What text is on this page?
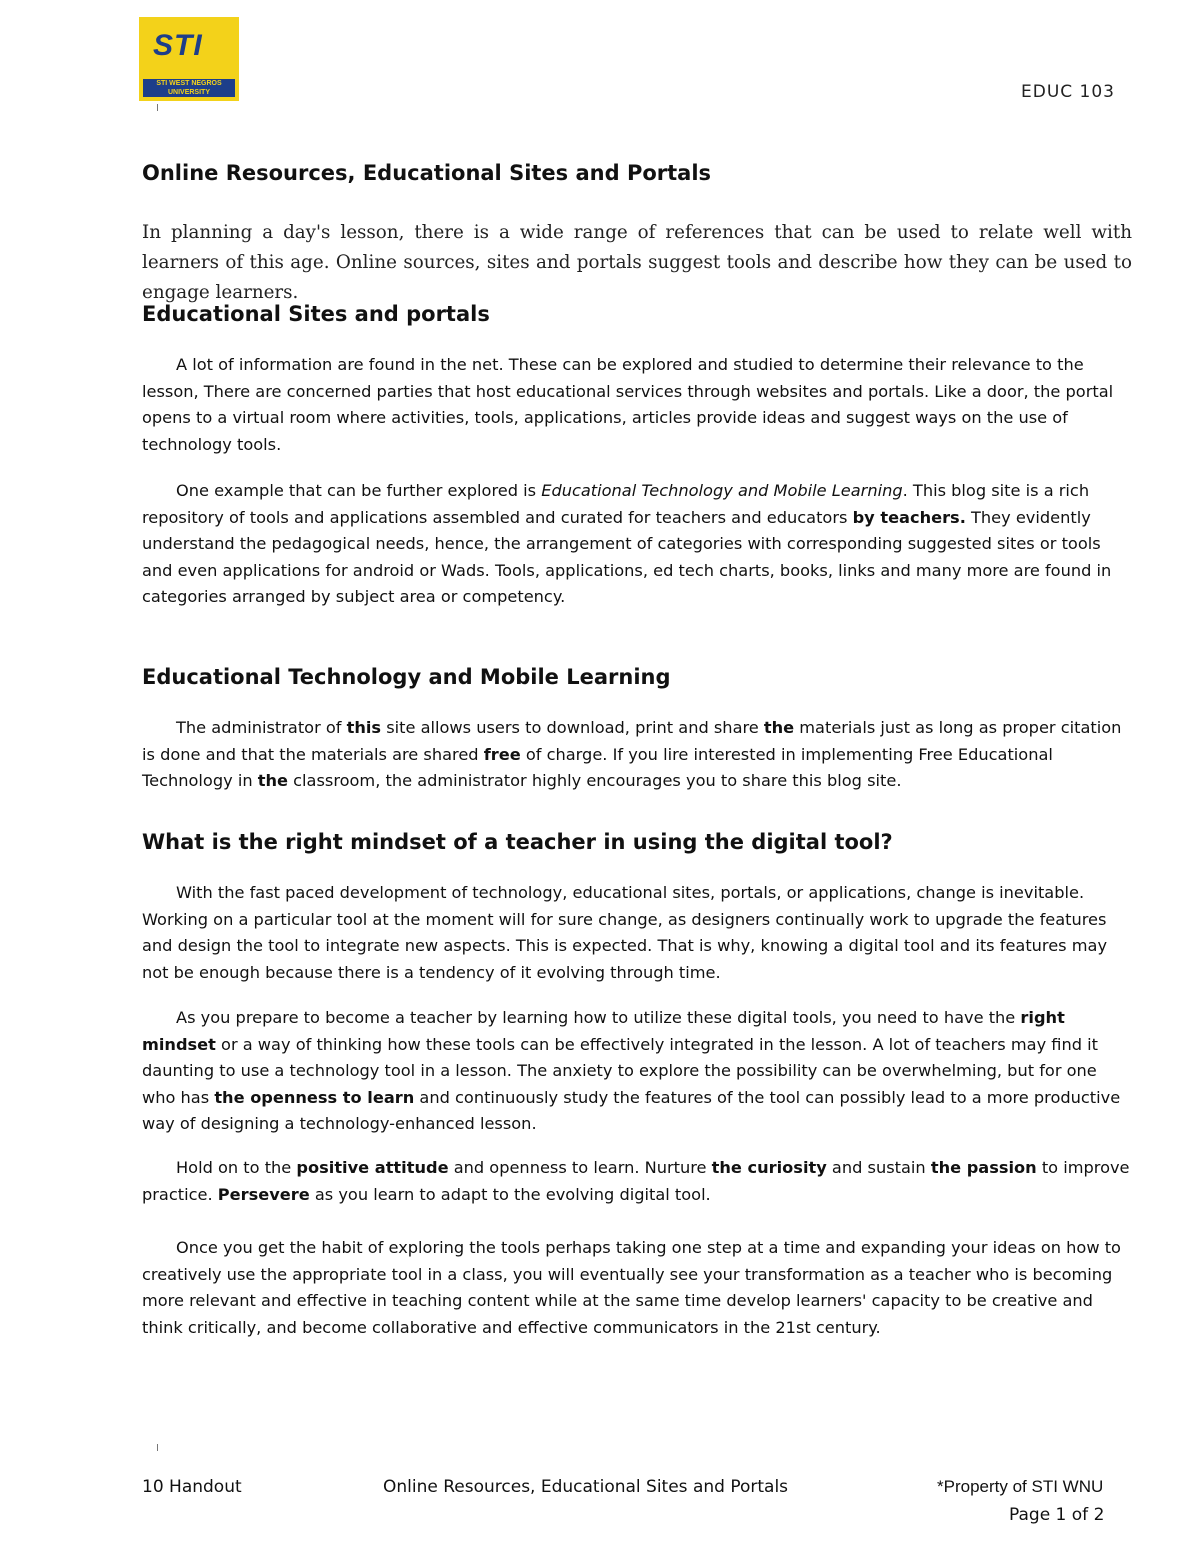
STI
STI WEST NEGROS UNIVERSITY	EDUC 103
Online Resources, Educational Sites and Portals
In planning a day's lesson, there is a wide range of references that can be used to relate well with learners of this age. Online sources, sites and portals suggest tools and describe how they can be used to engage learners.
Educational Sites and portals
A lot of information are found in the net. These can be explored and studied to determine their relevance to the lesson, There are concerned parties that host educational services through websites and portals. Like a door, the portal opens to a virtual room where activities, tools, applications, articles provide ideas and suggest ways on the use of technology tools.
One example that can be further explored is Educational Technology and Mobile Learning. This blog site is a rich repository of tools and applications assembled and curated for teachers and educators by teachers. They evidently understand the pedagogical needs, hence, the arrangement of categories with corresponding suggested sites or tools and even applications for android or Wads. Tools, applications, ed tech charts, books, links and many more are found in categories arranged by subject area or competency.
Educational Technology and Mobile Learning
The administrator of this site allows users to download, print and share the materials just as long as proper citation is done and that the materials are shared free of charge. If you lire interested in implementing Free Educational Technology in the classroom, the administrator highly encourages you to share this blog site.
What is the right mindset of a teacher in using the digital tool?
With the fast paced development of technology, educational sites, portals, or applications, change is inevitable. Working on a particular tool at the moment will for sure change, as designers continually work to upgrade the features and design the tool to integrate new aspects. This is expected. That is why, knowing a digital tool and its features may not be enough because there is a tendency of it evolving through time.
As you prepare to become a teacher by learning how to utilize these digital tools, you need to have the right mindset or a way of thinking how these tools can be effectively integrated in the lesson. A lot of teachers may find it daunting to use a technology tool in a lesson. The anxiety to explore the possibility can be overwhelming, but for one who has the openness to learn and continuously study the features of the tool can possibly lead to a more productive way of designing a technology-enhanced lesson.
Hold on to the positive attitude and openness to learn. Nurture the curiosity and sustain the passion to improve practice. Persevere as you learn to adapt to the evolving digital tool.
Once you get the habit of exploring the tools perhaps taking one step at a time and expanding your ideas on how to creatively use the appropriate tool in a class, you will eventually see your transformation as a teacher who is becoming more relevant and effective in teaching content while at the same time develop learners' capacity to be creative and think critically, and become collaborative and effective communicators in the 21st century.
10 Handout	Online Resources, Educational Sites and Portals	*Property of STI WNU
Page 1 of 2
